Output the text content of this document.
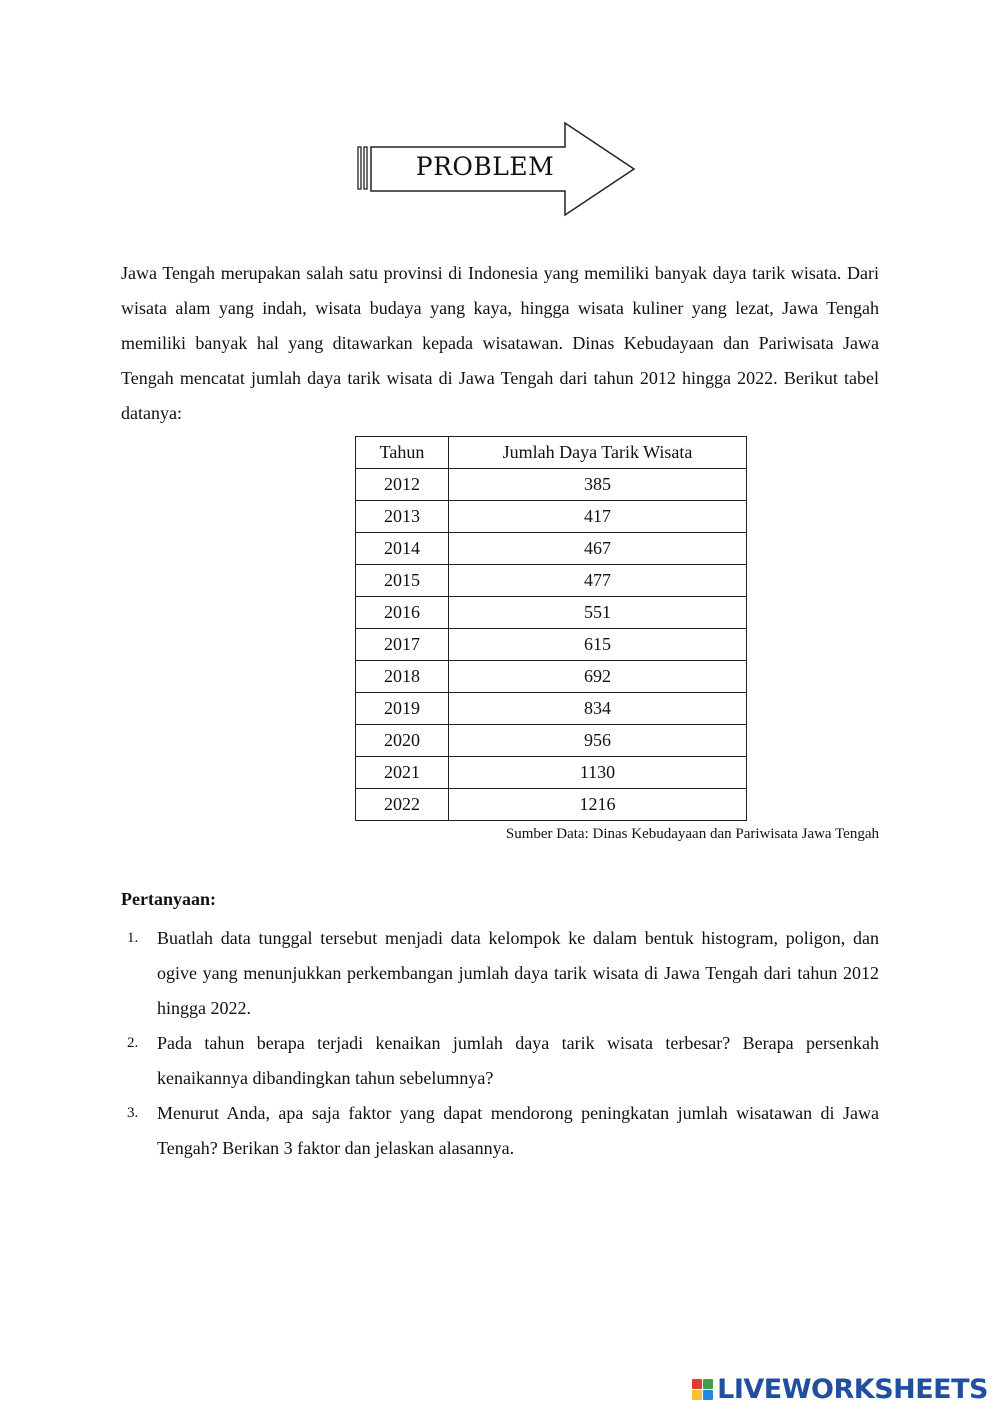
PROBLEM

Jawa Tengah merupakan salah satu provinsi di Indonesia yang memiliki banyak daya tarik wisata. Dari wisata alam yang indah, wisata budaya yang kaya, hingga wisata kuliner yang lezat, Jawa Tengah memiliki banyak hal yang ditawarkan kepada wisatawan. Dinas Kebudayaan dan Pariwisata Jawa Tengah mencatat jumlah daya tarik wisata di Jawa Tengah dari tahun 2012 hingga 2022. Berikut tabel datanya:

Tahun	Jumlah Daya Tarik Wisata
2012	385
2013	417
2014	467
2015	477
2016	551
2017	615
2018	692
2019	834
2020	956
2021	1130
2022	1216

Sumber Data: Dinas Kebudayaan dan Pariwisata Jawa Tengah

Pertanyaan:

1. Buatlah data tunggal tersebut menjadi data kelompok ke dalam bentuk histogram, poligon, dan ogive yang menunjukkan perkembangan jumlah daya tarik wisata di Jawa Tengah dari tahun 2012 hingga 2022.
2. Pada tahun berapa terjadi kenaikan jumlah daya tarik wisata terbesar? Berapa persenkah kenaikannya dibandingkan tahun sebelumnya?
3. Menurut Anda, apa saja faktor yang dapat mendorong peningkatan jumlah wisatawan di Jawa Tengah? Berikan 3 faktor dan jelaskan alasannya.
LIVEWORKSHEETS
